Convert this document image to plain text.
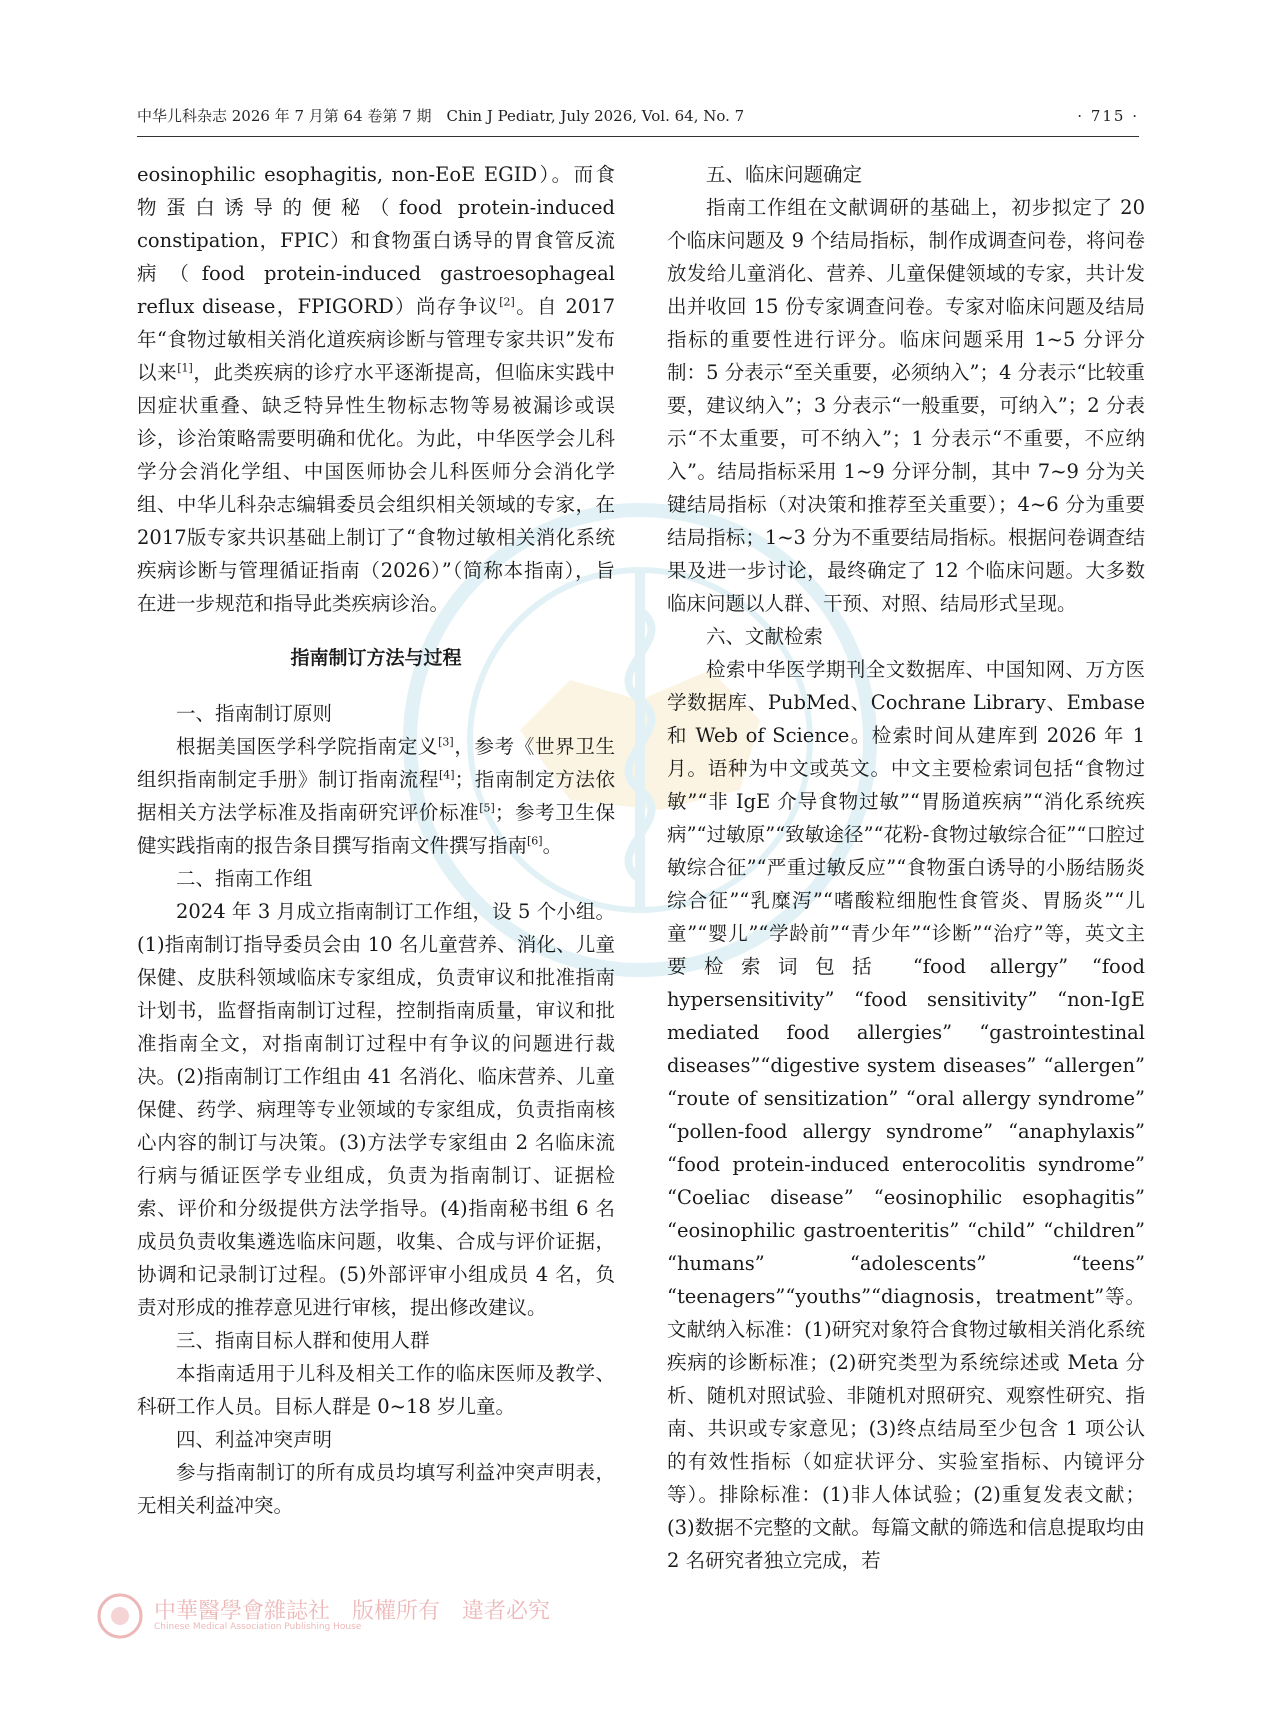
中华儿科杂志 2026 年 7 月第 64 卷第 7 期　Chin J Pediatr, July 2026, Vol. 64, No. 7	· 715 ·

eosinophilic esophagitis, non-EoE EGID）。而食物蛋白诱导的便秘（food protein-induced constipation，FPIC）和食物蛋白诱导的胃食管反流病（food protein-induced gastroesophageal reflux disease，FPIGORD）尚存争议[2]。自 2017 年“食物过敏相关消化道疾病诊断与管理专家共识”发布以来[1]，此类疾病的诊疗水平逐渐提高，但临床实践中因症状重叠、缺乏特异性生物标志物等易被漏诊或误诊，诊治策略需要明确和优化。为此，中华医学会儿科学分会消化学组、中国医师协会儿科医师分会消化学组、中华儿科杂志编辑委员会组织相关领域的专家，在2017版专家共识基础上制订了“食物过敏相关消化系统疾病诊断与管理循证指南（2026）”（简称本指南），旨在进一步规范和指导此类疾病诊治。

指南制订方法与过程
一、指南制订原则

根据美国医学科学院指南定义[3]，参考《世界卫生组织指南制定手册》制订指南流程[4]；指南制定方法依据相关方法学标准及指南研究评价标准[5]；参考卫生保健实践指南的报告条目撰写指南文件撰写指南[6]。

二、指南工作组

2024 年 3 月成立指南制订工作组，设 5 个小组。(1)指南制订指导委员会由 10 名儿童营养、消化、儿童保健、皮肤科领域临床专家组成，负责审议和批准指南计划书，监督指南制订过程，控制指南质量，审议和批准指南全文，对指南制订过程中有争议的问题进行裁决。(2)指南制订工作组由 41 名消化、临床营养、儿童保健、药学、病理等专业领域的专家组成，负责指南核心内容的制订与决策。(3)方法学专家组由 2 名临床流行病与循证医学专业组成，负责为指南制订、证据检索、评价和分级提供方法学指导。(4)指南秘书组 6 名成员负责收集遴选临床问题，收集、合成与评价证据，协调和记录制订过程。(5)外部评审小组成员 4 名，负责对形成的推荐意见进行审核，提出修改建议。

三、指南目标人群和使用人群

本指南适用于儿科及相关工作的临床医师及教学、科研工作人员。目标人群是 0~18 岁儿童。

四、利益冲突声明

参与指南制订的所有成员均填写利益冲突声明表，无相关利益冲突。

五、临床问题确定

指南工作组在文献调研的基础上，初步拟定了 20 个临床问题及 9 个结局指标，制作成调查问卷，将问卷放发给儿童消化、营养、儿童保健领域的专家，共计发出并收回 15 份专家调查问卷。专家对临床问题及结局指标的重要性进行评分。临床问题采用 1~5 分评分制：5 分表示“至关重要，必须纳入”；4 分表示“比较重要，建议纳入”；3 分表示“一般重要，可纳入”；2 分表示“不太重要，可不纳入”；1 分表示“不重要，不应纳入”。结局指标采用 1~9 分评分制，其中 7~9 分为关键结局指标（对决策和推荐至关重要）；4~6 分为重要结局指标；1~3 分为不重要结局指标。根据问卷调查结果及进一步讨论，最终确定了 12 个临床问题。大多数临床问题以人群、干预、对照、结局形式呈现。

六、文献检索

检索中华医学期刊全文数据库、中国知网、万方医学数据库、PubMed、Cochrane Library、Embase 和 Web of Science。检索时间从建库到 2026 年 1 月。语种为中文或英文。中文主要检索词包括“食物过敏”“非 IgE 介导食物过敏”“胃肠道疾病”“消化系统疾病”“过敏原”“致敏途径”“花粉-食物过敏综合征”“口腔过敏综合征”“严重过敏反应”“食物蛋白诱导的小肠结肠炎综合征”“乳糜泻”“嗜酸粒细胞性食管炎、胃肠炎”“儿童”“婴儿”“学龄前”“青少年”“诊断”“治疗”等，英文主要检索词包括 “food allergy” “food hypersensitivity” “food sensitivity” “non-IgE mediated food allergies” “gastrointestinal diseases”“digestive system diseases” “allergen” “route of sensitization” “oral allergy syndrome” “pollen-food allergy syndrome” “anaphylaxis” “food protein-induced enterocolitis syndrome” “Coeliac disease” “eosinophilic esophagitis” “eosinophilic gastroenteritis” “child” “children” “humans” “adolescents” “teens” “teenagers”“youths”“diagnosis，treatment”等。文献纳入标准：(1)研究对象符合食物过敏相关消化系统疾病的诊断标准；(2)研究类型为系统综述或 Meta 分析、随机对照试验、非随机对照研究、观察性研究、指南、共识或专家意见；(3)终点结局至少包含 1 项公认的有效性指标（如症状评分、实验室指标、内镜评分等）。排除标准：(1)非人体试验；(2)重复发表文献；(3)数据不完整的文献。每篇文献的筛选和信息提取均由 2 名研究者独立完成，若

中華醫學會雜誌社　版權所有　違者必究
Chinese Medical Association Publishing House
